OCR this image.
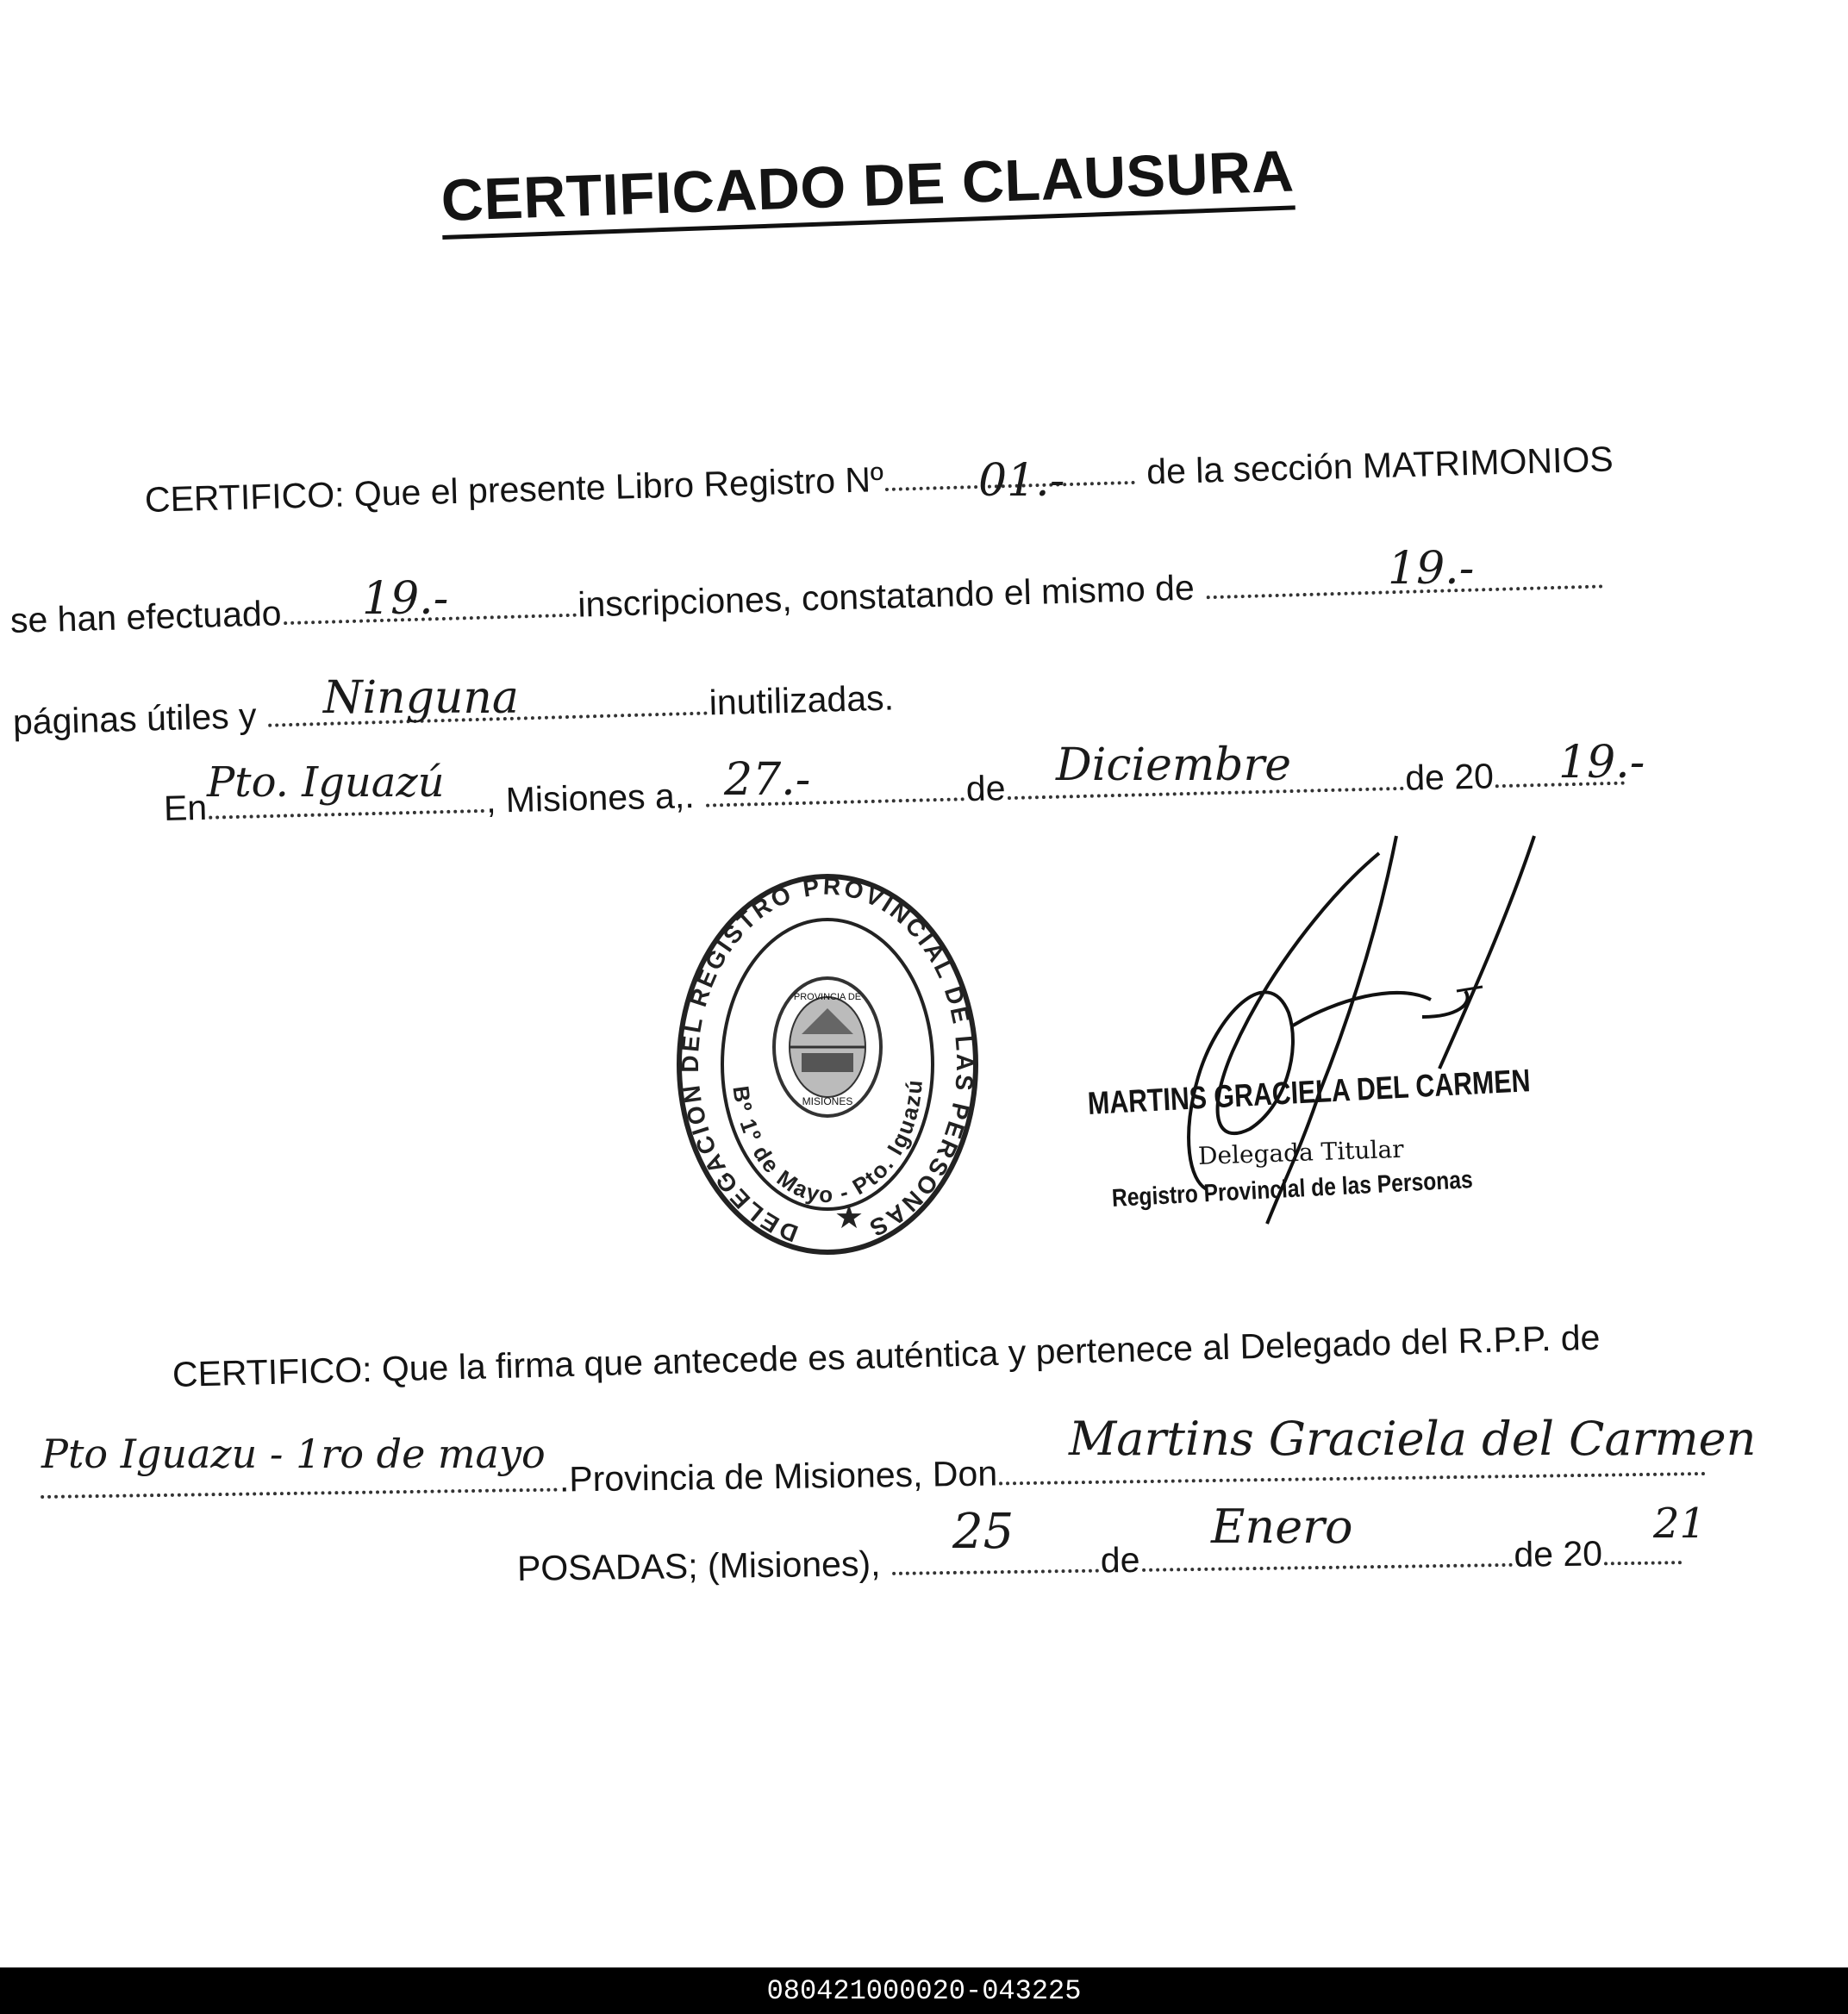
CERTIFICADO DE CLAUSURA
CERTIFICO: Que el presente Libro Registro Nº	de la sección MATRIMONIOS
01.-
se han efectuado	inscripciones, constatando el mismo de
19.-
19.-
páginas útiles y	inutilizadas.
Ninguna
En	, Misiones a,.	de	de 20
Pto. Iguazú	27.-	Diciembre	19.-
DELEGACION DEL REGISTRO PROVINCIAL DE LAS PERSONAS
Bº 1º de Mayo - Pto. Iguazú
PROVINCIA DE
MISIONES
★
MARTINS GRACIELA DEL CARMEN
Delegada Titular
Registro Provincial de las Personas
CERTIFICO: Que la firma que antecede es auténtica y pertenece al Delegado del R.P.P. de
.Provincia de Misiones, Don
Pto Iguazu - 1ro de mayo	Martins Graciela del Carmen
POSADAS; (Misiones),	de	de 20
25	Enero	21
080421000020-043225
